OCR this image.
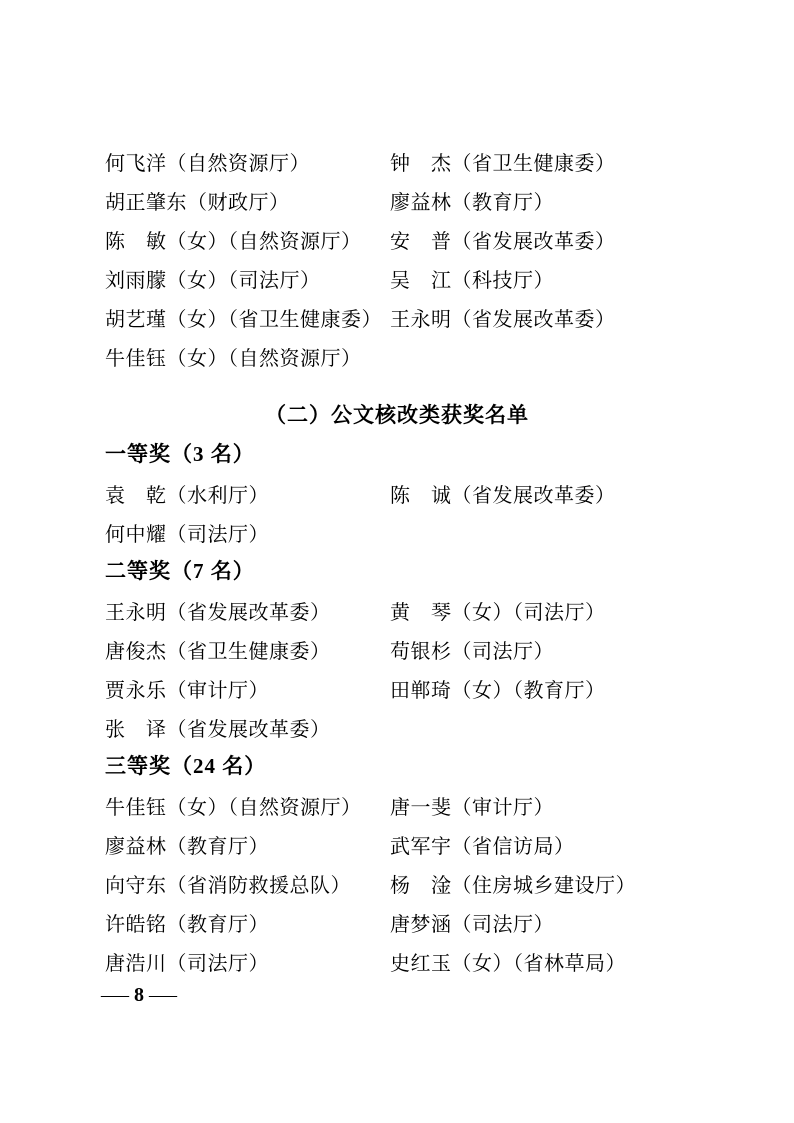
何飞洋（自然资源厅）	钟　杰（省卫生健康委）
胡正肇东（财政厅）	廖益林（教育厅）
陈　敏（女）（自然资源厅）	安　普（省发展改革委）
刘雨朦（女）（司法厅）	吴　江（科技厅）
胡艺瑾（女）（省卫生健康委） 王永明（省发展改革委）
牛佳钰（女）（自然资源厅）
（二）公文核改类获奖名单
一等奖（3 名）
袁　乾（水利厅）	陈　诚（省发展改革委）
何中耀（司法厅）
二等奖（7 名）
王永明（省发展改革委）	黄　琴（女）（司法厅）
唐俊杰（省卫生健康委）	苟银杉（司法厅）
贾永乐（审计厅）	田郸琦（女）（教育厅）
张　译（省发展改革委）
三等奖（24 名）
牛佳钰（女）（自然资源厅）	唐一斐（审计厅）
廖益林（教育厅）	武军宇（省信访局）
向守东（省消防救援总队）	杨　淦（住房城乡建设厅）
许皓铭（教育厅）	唐梦涵（司法厅）
唐浩川（司法厅）	史红玉（女）（省林草局）
— 8 —
